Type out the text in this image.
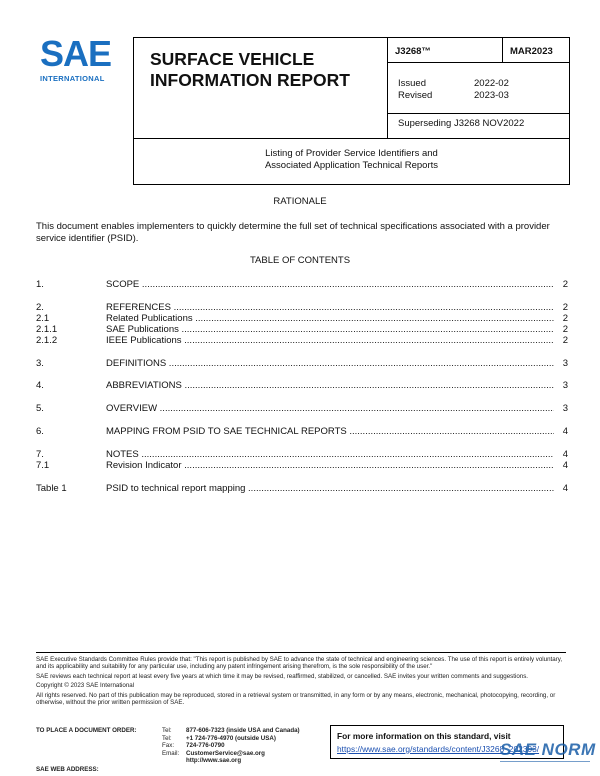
SAE
INTERNATIONAL
SURFACE VEHICLE
INFORMATION REPORT
J3268™	MAR2023
Issued	2022-02
Revised	2023-03
Superseding J3268 NOV2022
Listing of Provider Service Identifiers and
Associated Application Technical Reports
RATIONALE
This document enables implementers to quickly determine the full set of technical specifications associated with a provider service identifier (PSID).
TABLE OF CONTENTS
1.	SCOPE .....	2
2.	REFERENCES .....	2
2.1	Related Publications .....	2
2.1.1	SAE Publications .....	2
2.1.2	IEEE Publications .....	2
3.	DEFINITIONS .....	3
4.	ABBREVIATIONS .....	3
5.	OVERVIEW .....	3
6.	MAPPING FROM PSID TO SAE TECHNICAL REPORTS .....	4
7.	NOTES .....	4
7.1	Revision Indicator .....	4
Table 1	PSID to technical report mapping .....	4
SAE Executive Standards Committee Rules provide that: "This report is published by SAE to advance the state of technical and engineering sciences. The use of this report is entirely voluntary, and its applicability and suitability for any particular use, including any patent infringement arising therefrom, is the sole responsibility of the user."
SAE reviews each technical report at least every five years at which time it may be revised, reaffirmed, stabilized, or cancelled. SAE invites your written comments and suggestions.
Copyright © 2023 SAE International
All rights reserved. No part of this publication may be reproduced, stored in a retrieval system or transmitted, in any form or by any means, electronic, mechanical, photocopying, recording, or otherwise, without the prior written permission of SAE.
TO PLACE A DOCUMENT ORDER:	Tel: 877-606-7323 (inside USA and Canada)
Tel: +1 724-776-4970 (outside USA)
Fax: 724-776-0790
Email: CustomerService@sae.org
http://www.sae.org
SAE WEB ADDRESS:
For more information on this standard, visit
https://www.sae.org/standards/content/J3268_202303/
SAE NORM
